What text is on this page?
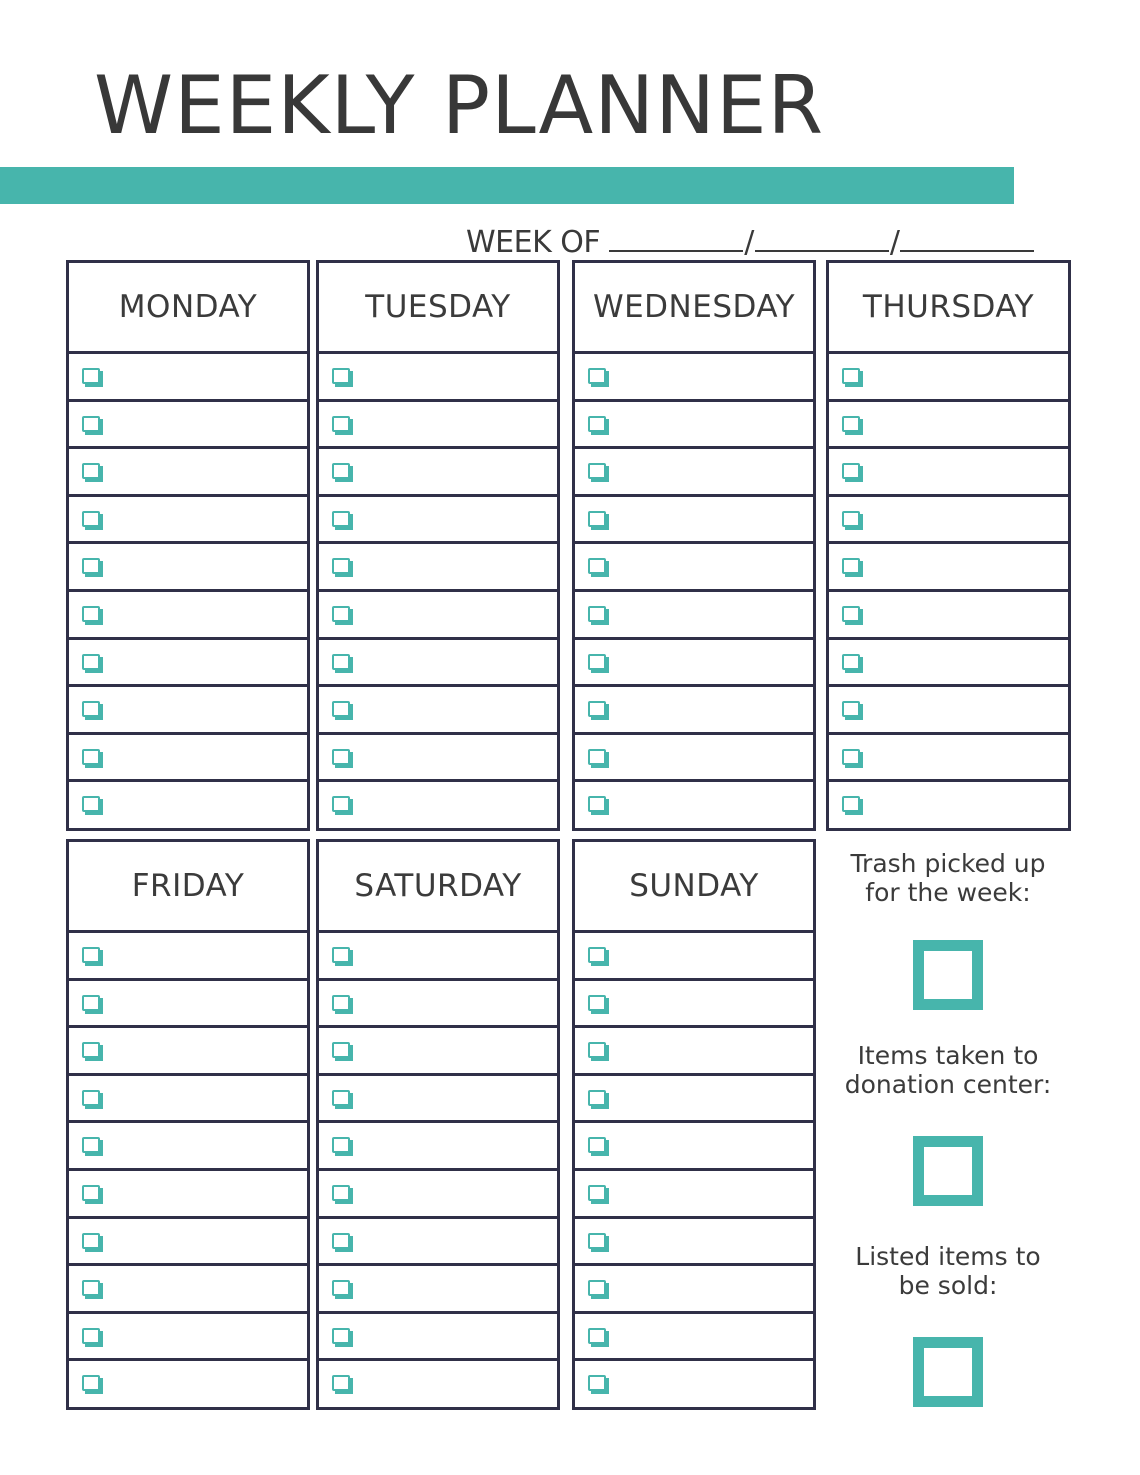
WEEKLY PLANNER
WEEK OF	/	/
MONDAY	TUESDAY	WEDNESDAY	THURSDAY
FRIDAY	SATURDAY	SUNDAY
Trash picked up
for the week:
Items taken to
donation center:
Listed items to
be sold:
